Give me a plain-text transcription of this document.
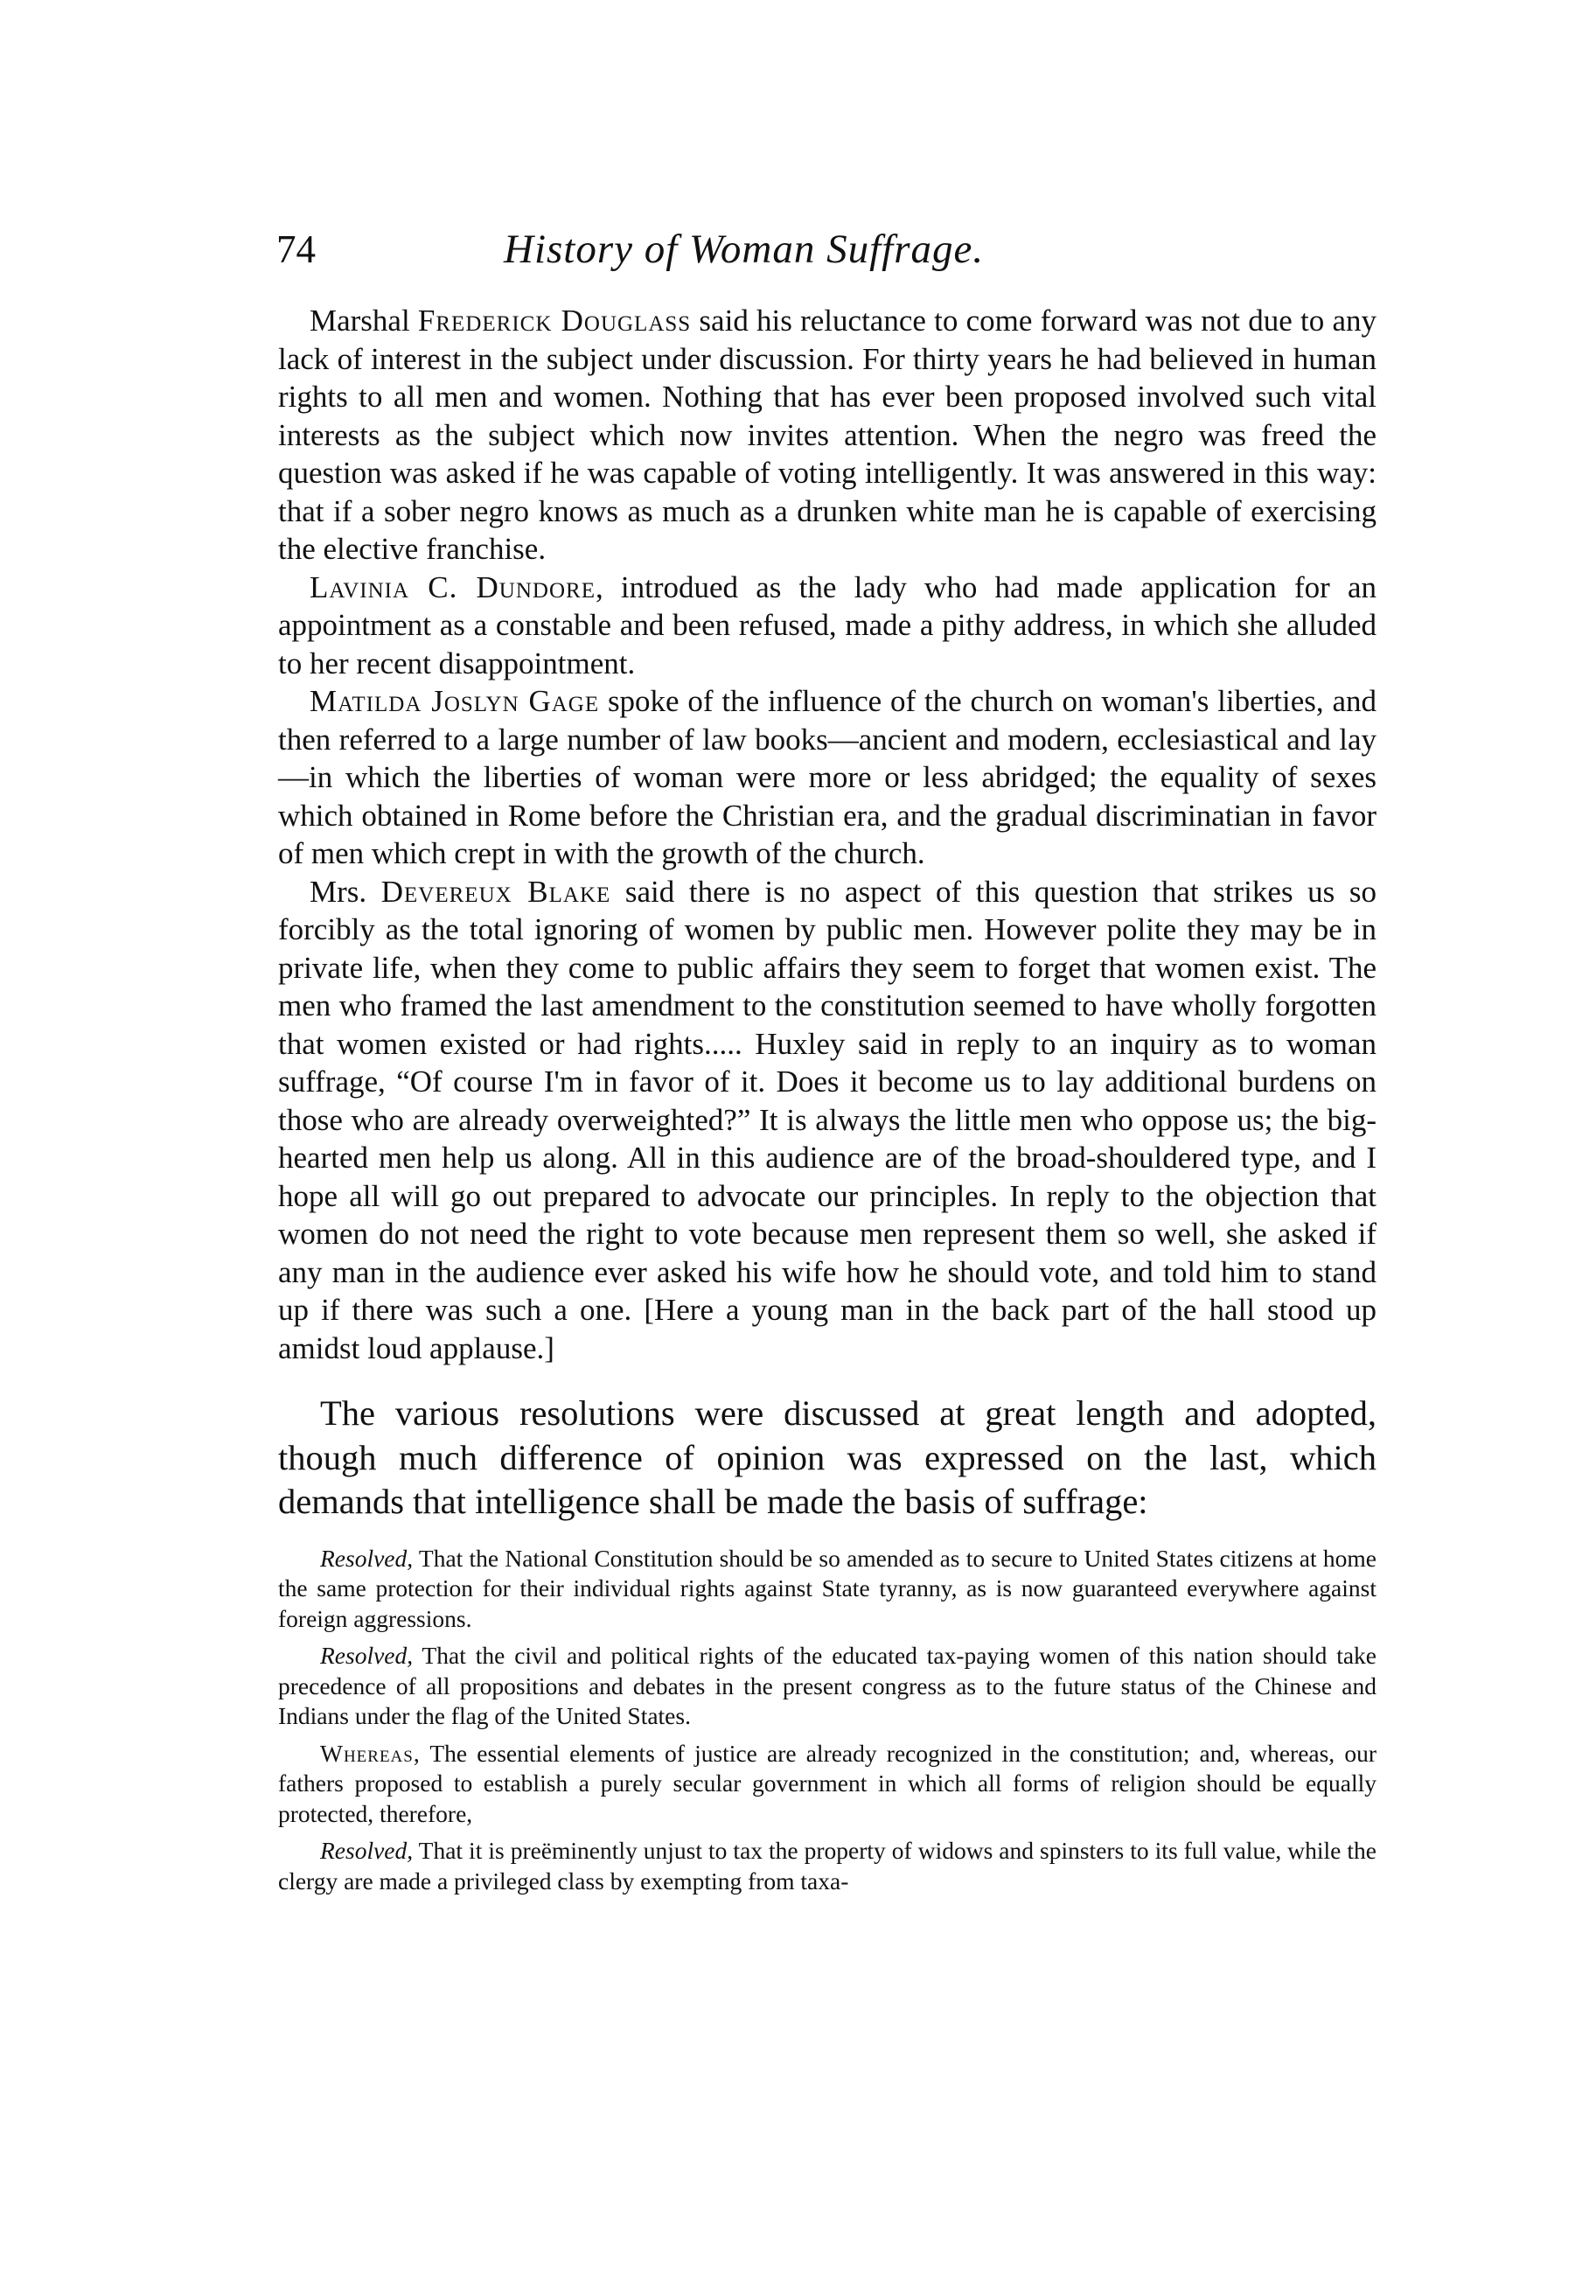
74	History of Woman Suffrage.

Marshal Frederick Douglass said his reluctance to come forward was not due to any lack of interest in the subject under discussion. For thirty years he had believed in human rights to all men and women. Nothing that has ever been proposed involved such vital interests as the subject which now invites attention. When the negro was freed the question was asked if he was capable of voting intelligently. It was answered in this way: that if a sober negro knows as much as a drunken white man he is capable of exercising the elective franchise.

Lavinia C. Dundore, introdued as the lady who had made application for an appointment as a constable and been refused, made a pithy address, in which she alluded to her recent disappointment.

Matilda Joslyn Gage spoke of the influence of the church on woman's liberties, and then referred to a large number of law books—ancient and modern, ecclesiastical and lay—in which the liberties of woman were more or less abridged; the equality of sexes which obtained in Rome before the Christian era, and the gradual discriminatian in favor of men which crept in with the growth of the church.

Mrs. Devereux Blake said there is no aspect of this question that strikes us so forcibly as the total ignoring of women by public men. However polite they may be in private life, when they come to public affairs they seem to forget that women exist. The men who framed the last amendment to the constitution seemed to have wholly forgotten that women existed or had rights..... Huxley said in reply to an inquiry as to woman suffrage, “Of course I'm in favor of it. Does it become us to lay additional burdens on those who are already overweighted?” It is always the little men who oppose us; the big-hearted men help us along. All in this audience are of the broad-shouldered type, and I hope all will go out prepared to advocate our principles. In reply to the objection that women do not need the right to vote because men represent them so well, she asked if any man in the audience ever asked his wife how he should vote, and told him to stand up if there was such a one. [Here a young man in the back part of the hall stood up amidst loud applause.]

The various resolutions were discussed at great length and adopted, though much difference of opinion was expressed on the last, which demands that intelligence shall be made the basis of suffrage:

Resolved, That the National Constitution should be so amended as to secure to United States citizens at home the same protection for their individual rights against State tyranny, as is now guaranteed everywhere against foreign aggressions.

Resolved, That the civil and political rights of the educated tax-paying women of this nation should take precedence of all propositions and debates in the present congress as to the future status of the Chinese and Indians under the flag of the United States.

Whereas, The essential elements of justice are already recognized in the constitution; and, whereas, our fathers proposed to establish a purely secular government in which all forms of religion should be equally protected, therefore,

Resolved, That it is preëminently unjust to tax the property of widows and spinsters to its full value, while the clergy are made a privileged class by exempting from taxa-
